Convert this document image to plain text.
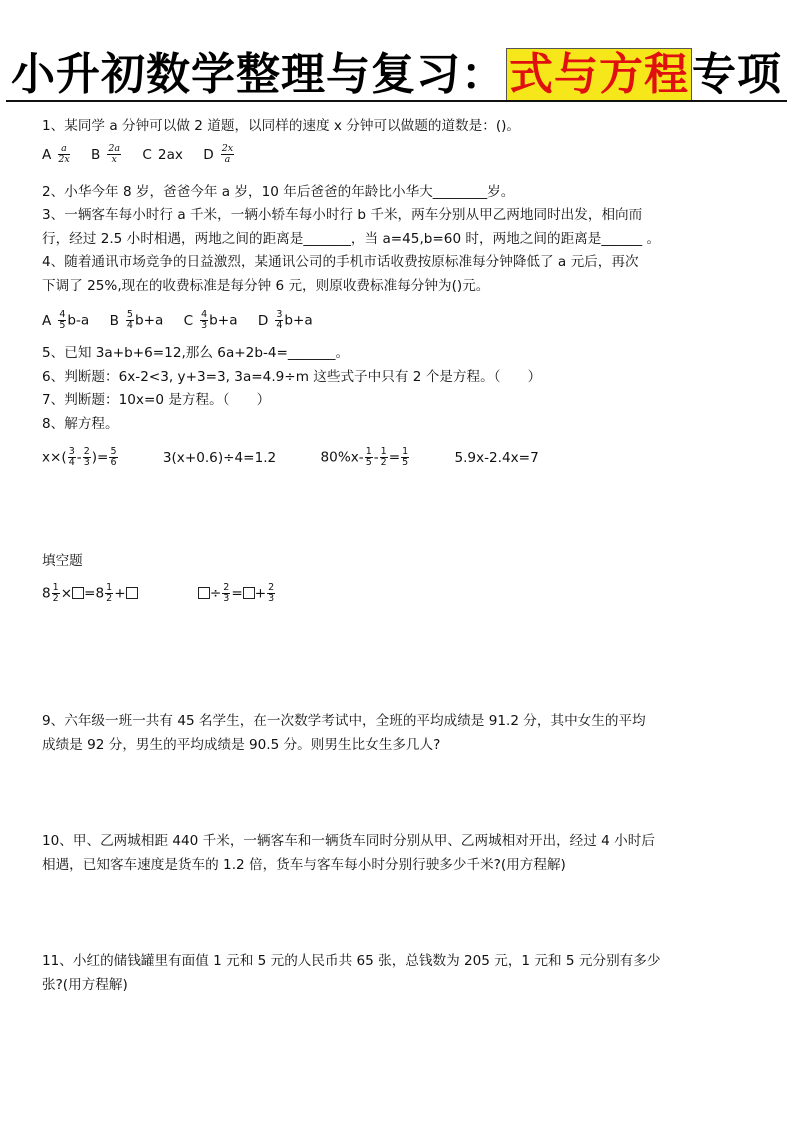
小升初数学整理与复习：式与方程专项
1、某同学 a 分钟可以做 2 道题，以同样的速度 x 分钟可以做题的道数是：()。
A $\frac{a}{2x}$ B $\frac{2a}{x}$ C 2ax D $\frac{2x}{a}$
2、小华今年 8 岁，爸爸今年 a 岁，10 年后爸爸的年龄比小华大________岁。
3、一辆客车每小时行 a 千米，一辆小轿车每小时行 b 千米，两车分别从甲乙两地同时出发，相向而
行，经过 2.5 小时相遇，两地之间的距离是_______，当 a=45,b=60 时，两地之间的距离是______ 。
4、随着通讯市场竞争的日益激烈，某通讯公司的手机市话收费按原标准每分钟降低了 a 元后，再次
下调了 25%,现在的收费标准是每分钟 6 元，则原收费标准每分钟为()元。
A $\frac{4}{5} b-a$ B $\frac{5}{4} b+a$ C $\frac{4}{3} b+a$ D $\frac{3}{4} b+a$
5、已知 3a+b+6=12,那么 6a+2b-4=_______。
6、判断题：6x-2<3, y+3=3, 3a=4.9÷m 这些式子中只有 2 个是方程。（　　）
7、判断题：10x=0 是方程。（　　）
8、解方程。
$x\times( \frac{3}{4} - \frac{2}{3}$ )= $\frac{5}{6}$	3(x+0.6)÷4=1.2	$80\%x- \frac{1}{5} - \frac{1}{2} = \frac{1}{5}$	5.9x-2.4x=7
填空题
$8 \frac{1}{2} \times =8 \frac{1}{2}$ +	÷ $\frac{2}{3}$ = + $\frac{2}{3}$
9、六年级一班一共有 45 名学生，在一次数学考试中，全班的平均成绩是 91.2 分，其中女生的平均
成绩是 92 分，男生的平均成绩是 90.5 分。则男生比女生多几人?
10、甲、乙两城相距 440 千米，一辆客车和一辆货车同时分别从甲、乙两城相对开出，经过 4 小时后
相遇，已知客车速度是货车的 1.2 倍，货车与客车每小时分别行驶多少千米?(用方程解)
11、小红的储钱罐里有面值 1 元和 5 元的人民币共 65 张，总钱数为 205 元，1 元和 5 元分别有多少
张?(用方程解)
